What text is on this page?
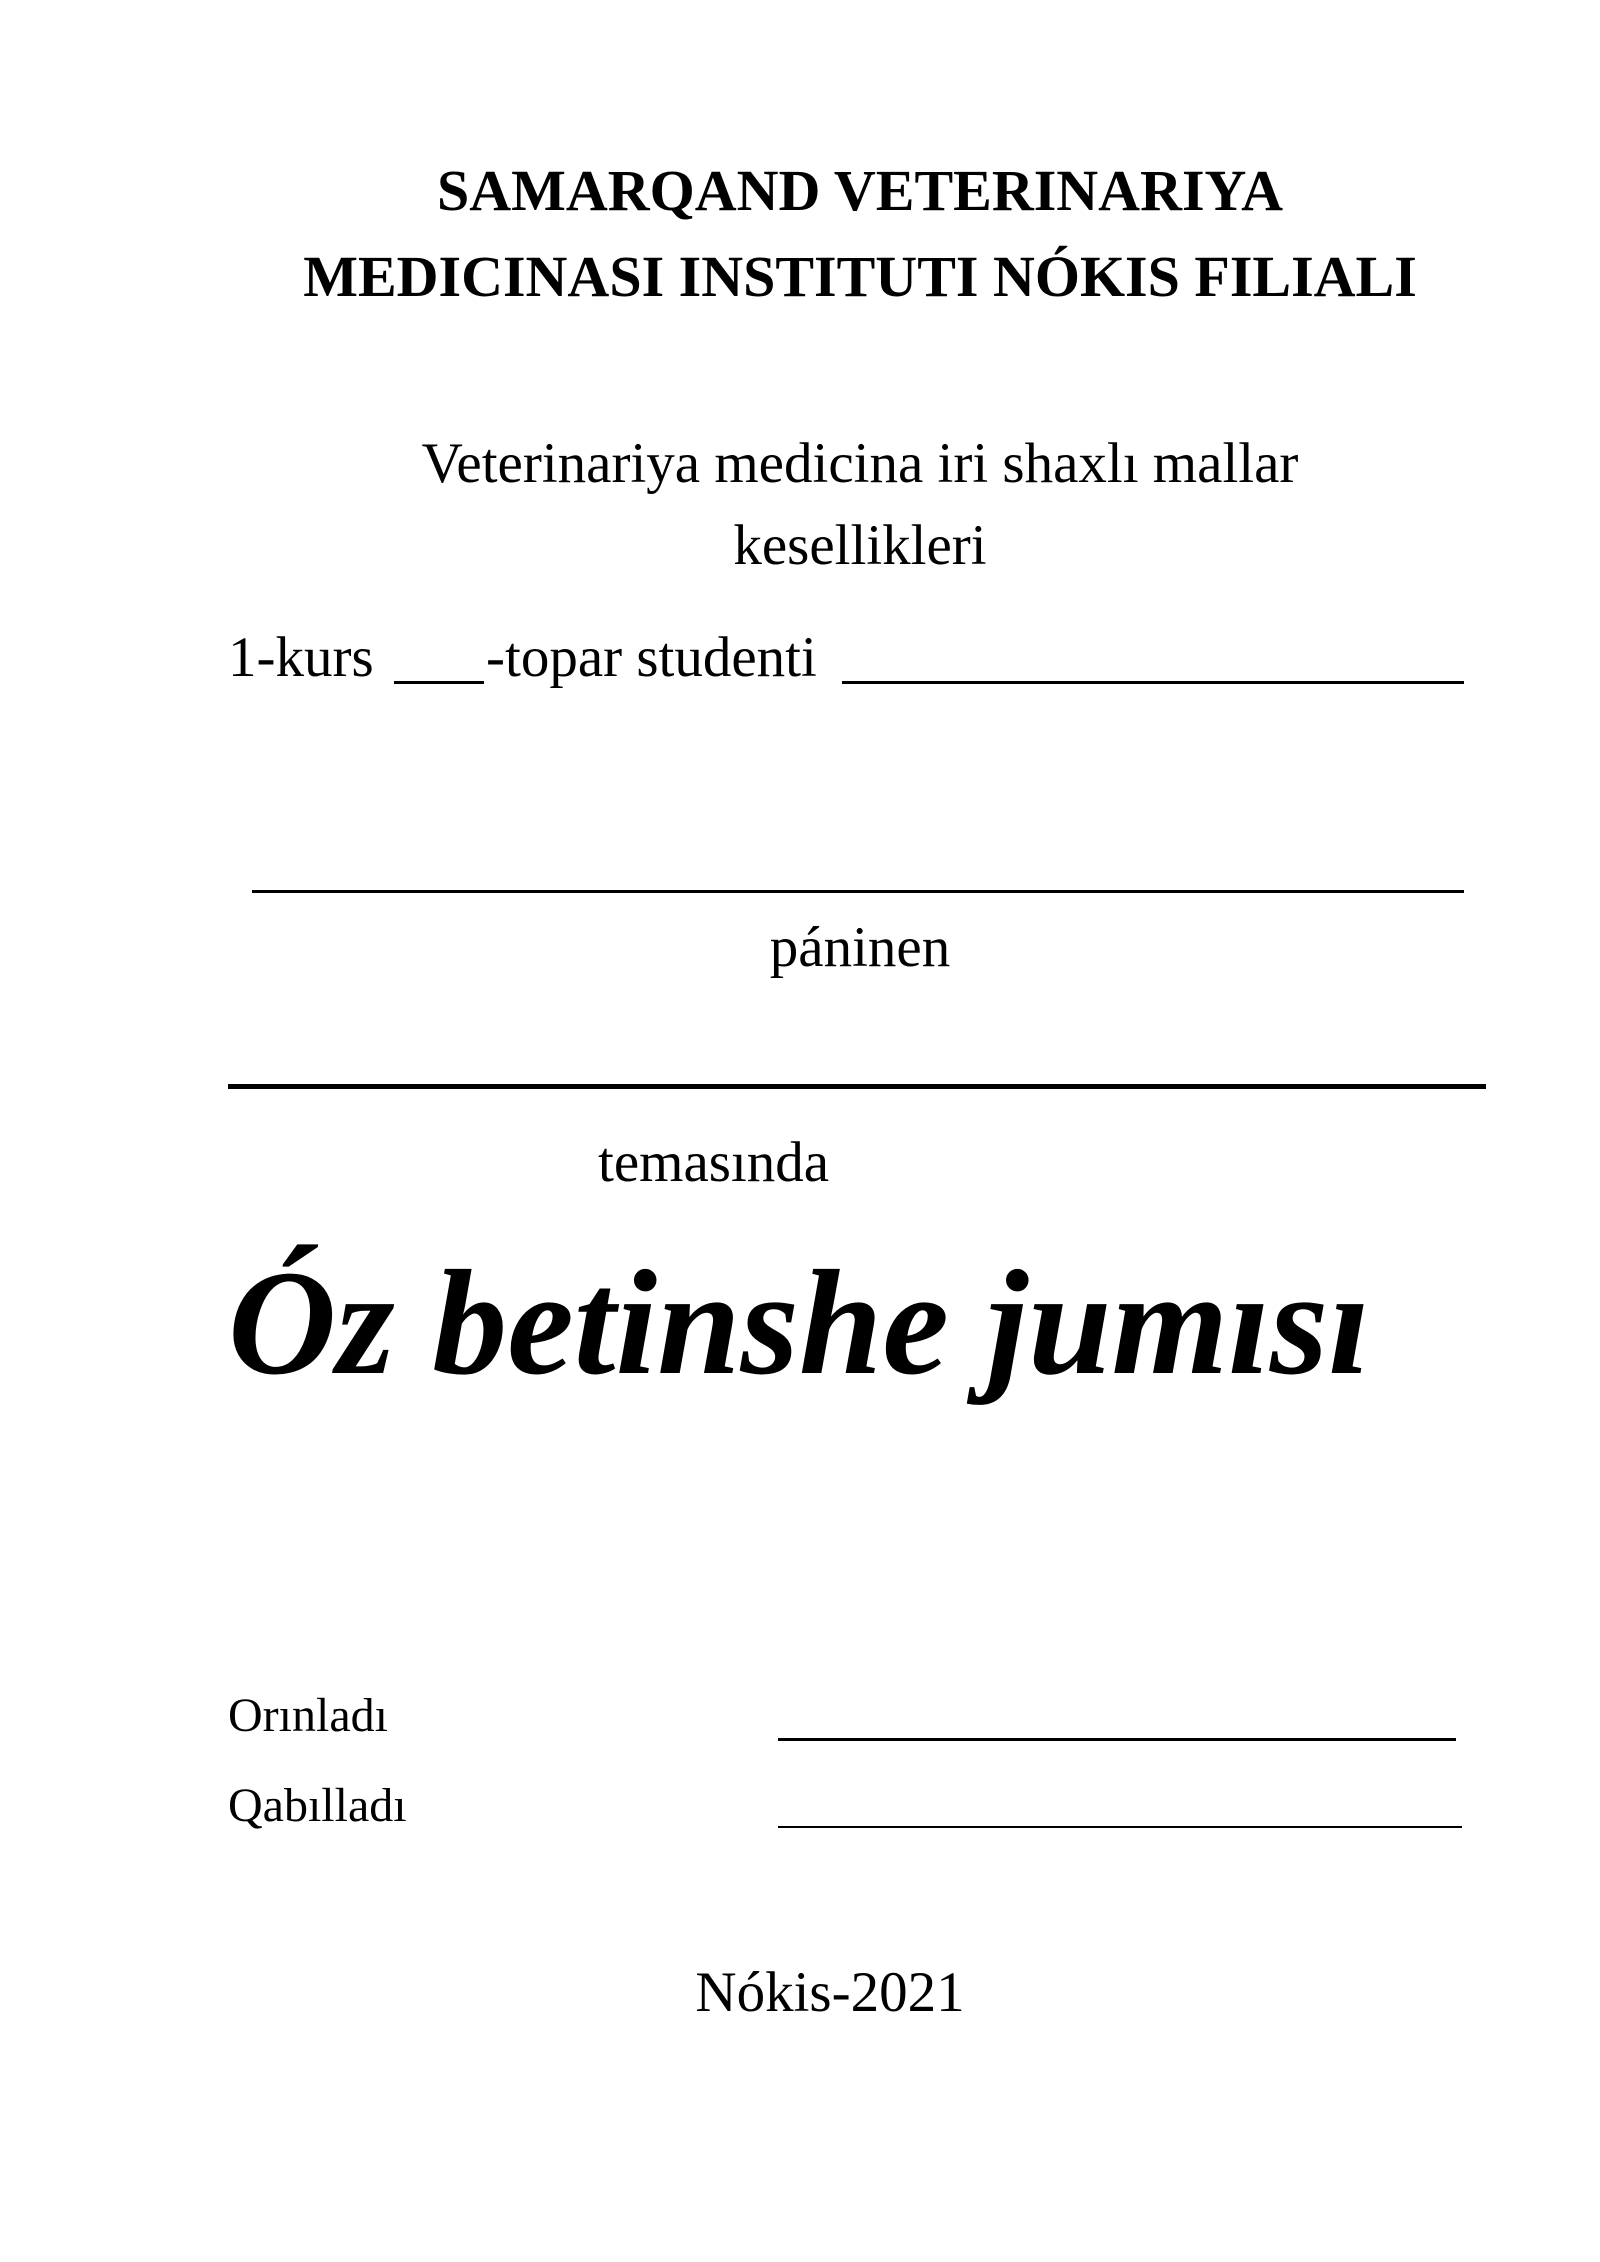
SAMARQAND VETERINARIYA
MEDICINASI INSTITUTI NÓKIS FILIALI
Veterinariya medicina iri shaxlı mallar
kesellikleri
1-kurs -topar studenti
páninen
temasında
Óz betinshe jumısı
Orınladı
Qabılladı
Nókis-2021
